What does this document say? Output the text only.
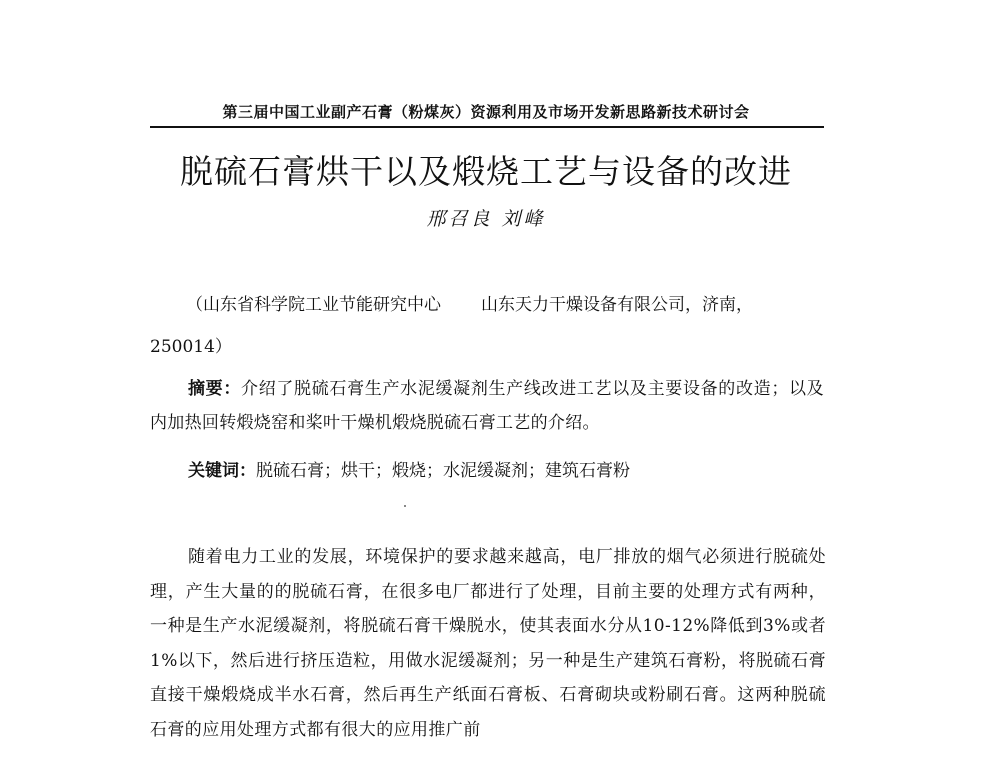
第三届中国工业副产石膏（粉煤灰）资源利用及市场开发新思路新技术研讨会
脱硫石膏烘干以及煅烧工艺与设备的改进
邢召良 刘峰
（山东省科学院工业节能研究中心 山东天力干燥设备有限公司，济南，
250014）
摘要：介绍了脱硫石膏生产水泥缓凝剂生产线改进工艺以及主要设备的改造；以及内加热回转煅烧窑和桨叶干燥机煅烧脱硫石膏工艺的介绍。
关键词：脱硫石膏；烘干；煅烧；水泥缓凝剂；建筑石膏粉
随着电力工业的发展，环境保护的要求越来越高，电厂排放的烟气必须进行脱硫处理，产生大量的的脱硫石膏，在很多电厂都进行了处理，目前主要的处理方式有两种，一种是生产水泥缓凝剂，将脱硫石膏干燥脱水，使其表面水分从10-12%降低到3%或者1%以下，然后进行挤压造粒，用做水泥缓凝剂；另一种是生产建筑石膏粉，将脱硫石膏直接干燥煅烧成半水石膏，然后再生产纸面石膏板、石膏砌块或粉刷石膏。这两种脱硫石膏的应用处理方式都有很大的应用推广前
